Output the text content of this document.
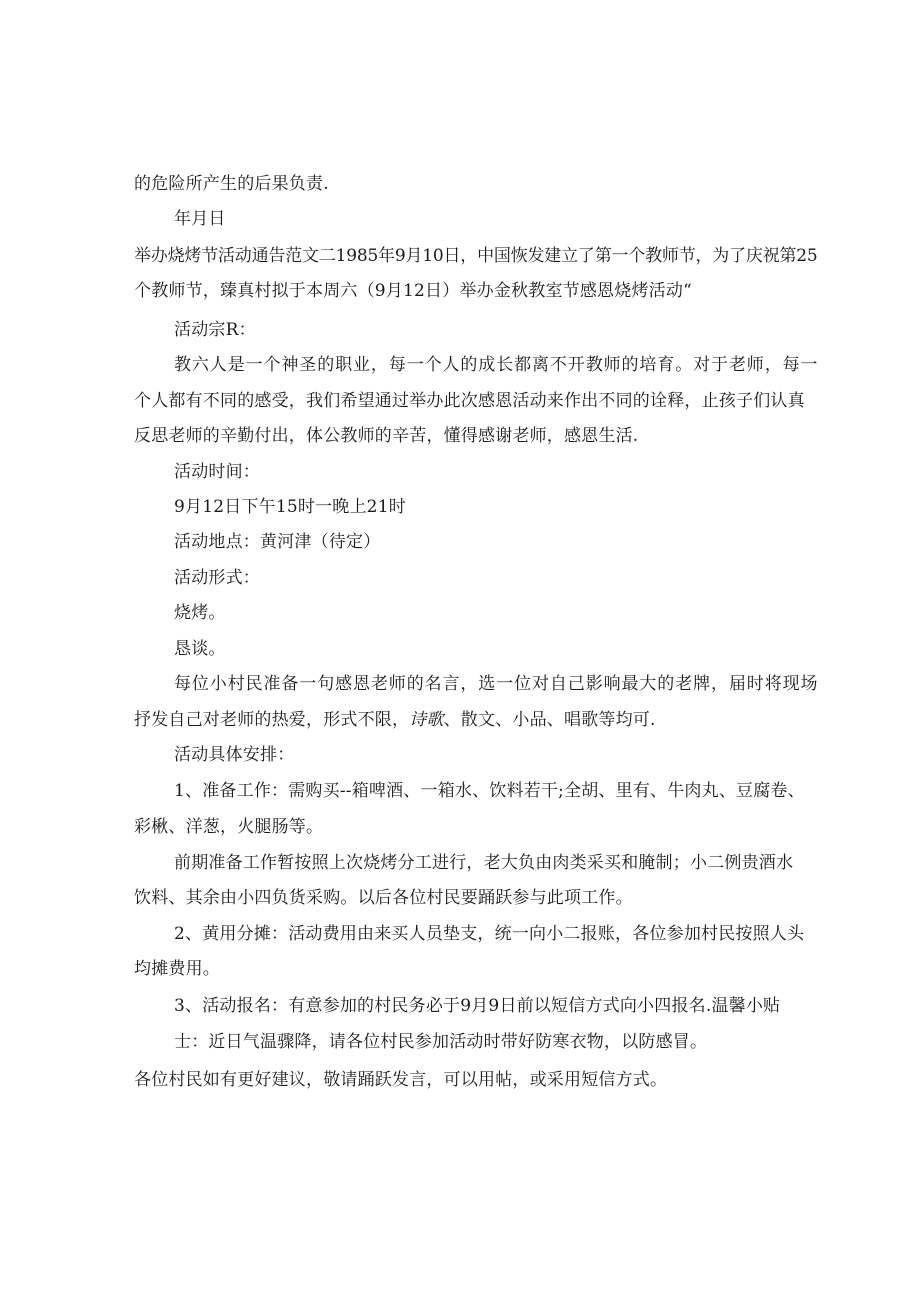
的危险所产生的后果负责.
年月日
举办烧烤节活动通告范文二1985年9月10日，中国恢发建立了第一个教师节，为了庆祝第25
个教师节，臻真村拟于本周六（9月12日）举办金秋教室节感恩烧烤活动“
活动宗R：
教六人是一个神圣的职业，每一个人的成长都离不开教师的培育。对于老师，每一
个人都有不同的感受，我们希望通过举办此次感恩活动来作出不同的诠释，止孩子们认真
反思老师的辛勤付出，体公教师的辛苦，懂得感谢老师，感恩生活.
活动时间：
9月12日下午15时一晚上21时
活动地点：黄河津（待定）
活动形式：
烧烤。
恳谈。
每位小村民准备一句感恩老师的名言，选一位对自己影响最大的老牌，届时将现场
抒发自己对老师的热爱，形式不限，诗歌、散文、小品、唱歌等均可.
活动具体安排：
1、准备工作：需购买--箱啤酒、一箱水、饮料若干;全胡、里有、牛肉丸、豆腐卷、
彩楸、洋葱，火腿肠等。
前期准备工作暂按照上次烧烤分工进行，老大负由肉类采买和腌制；小二例贵酒水
饮料、其余由小四负货采购。以后各位村民要踊跃参与此项工作。
2、黄用分摊：活动费用由来买人员垫支，统一向小二报账，各位参加村民按照人头
均摊费用。
3、活动报名：有意参加的村民务必于9月9日前以短信方式向小四报名.温馨小贴
士：近日气温骤降，请各位村民参加活动时带好防寒衣物，以防感冒。
各位村民如有更好建议，敬请踊跃发言，可以用帖，或采用短信方式。
